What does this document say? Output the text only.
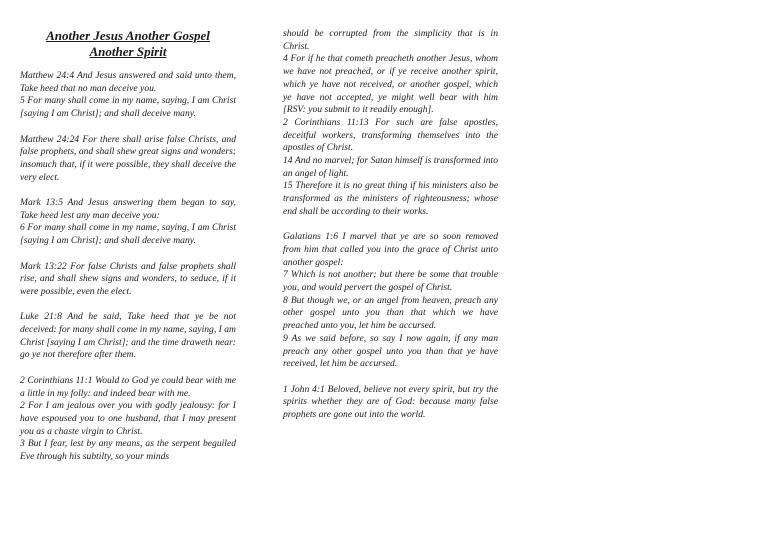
Another Jesus Another Gospel
Another Spirit

Matthew 24:4 And Jesus answered and said unto them, Take heed that no man deceive you.

5 For many shall come in my name, saying, I am Christ [saying I am Christ]; and shall deceive many.

Matthew 24:24 For there shall arise false Christs, and false prophets, and shall shew great signs and wonders; insomuch that, if it were possible, they shall deceive the very elect.

Mark 13:5 And Jesus answering them began to say, Take heed lest any man deceive you:

6 For many shall come in my name, saying, I am Christ [saying I am Christ]; and shall deceive many.

Mark 13:22 For false Christs and false prophets shall rise, and shall shew signs and wonders, to seduce, if it were possible, even the elect.

Luke 21:8 And he said, Take heed that ye be not deceived: for many shall come in my name, saying, I am Christ [saying I am Christ]; and the time draweth near: go ye not therefore after them.

2 Corinthians 11:1 Would to God ye could bear with me a little in my folly: and indeed bear with me.

2 For I am jealous over you with godly jealousy: for I have espoused you to one husband, that I may present you as a chaste virgin to Christ.

3 But I fear, lest by any means, as the serpent beguiled Eve through his subtilty, so your minds

should be corrupted from the simplicity that is in Christ.

4 For if he that cometh preacheth another Jesus, whom we have not preached, or if ye receive another spirit, which ye have not received, or another gospel, which ye have not accepted, ye might well bear with him [RSV: you submit to it readily enough].

2 Corinthians 11:13 For such are false apostles, deceitful workers, transforming themselves into the apostles of Christ.

14 And no marvel; for Satan himself is transformed into an angel of light.

15 Therefore it is no great thing if his ministers also be transformed as the ministers of righteousness; whose end shall be according to their works.

Galatians 1:6 I marvel that ye are so soon removed from him that called you into the grace of Christ unto another gospel:

7 Which is not another; but there be some that trouble you, and would pervert the gospel of Christ.

8 But though we, or an angel from heaven, preach any other gospel unto you than that which we have preached unto you, let him be accursed.

9 As we said before, so say I now again, if any man preach any other gospel unto you than that ye have received, let him be accursed.

1 John 4:1 Beloved, believe not every spirit, but try the spirits whether they are of God: because many false prophets are gone out into the world.
